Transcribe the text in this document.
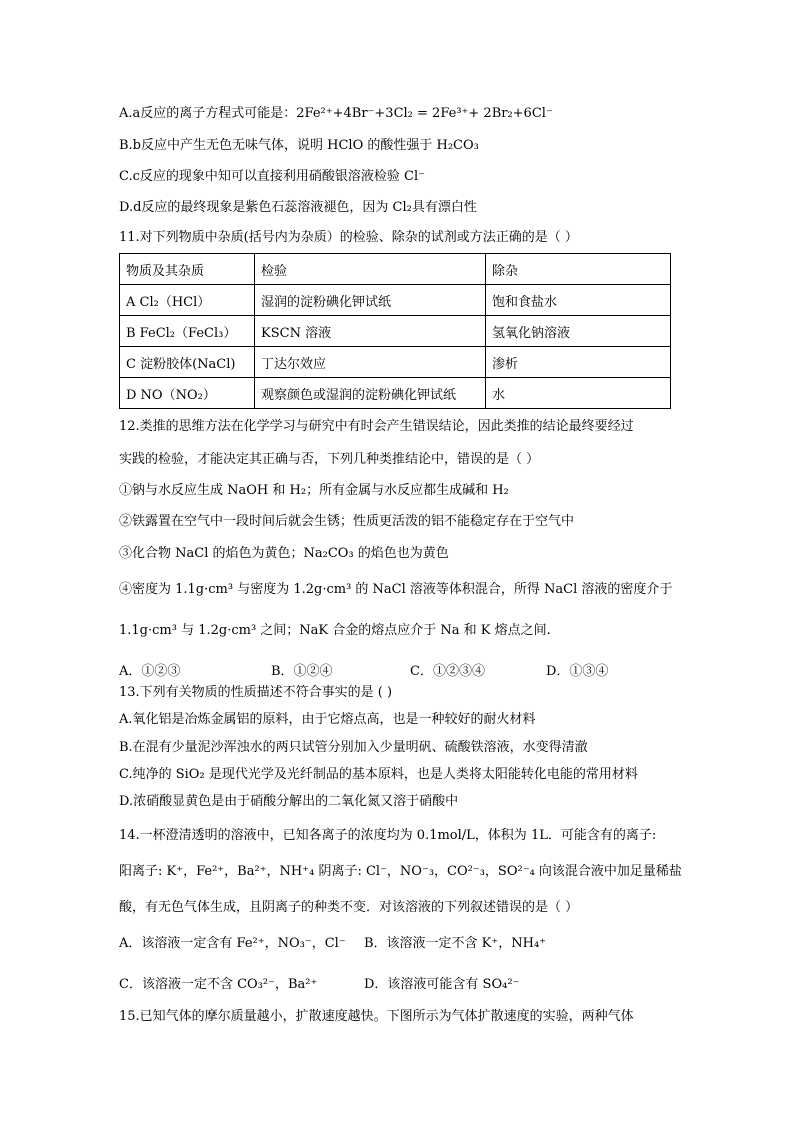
A.a反应的离子方程式可能是：2Fe²⁺+4Br⁻+3Cl₂ = 2Fe³⁺+ 2Br₂+6Cl⁻
B.b反应中产生无色无味气体，说明 HClO 的酸性强于 H₂CO₃
C.c反应的现象中知可以直接利用硝酸银溶液检验 Cl⁻
D.d反应的最终现象是紫色石蕊溶液褪色，因为 Cl₂具有漂白性
11.对下列物质中杂质(括号内为杂质）的检验、除杂的试剂或方法正确的是（ ）
物质及其杂质	检验	除杂
A Cl₂（HCl）	湿润的淀粉碘化钾试纸	饱和食盐水
B FeCl₂（FeCl₃）	KSCN 溶液	氢氧化钠溶液
C 淀粉胶体(NaCl)	丁达尔效应	渗析
D NO（NO₂）	观察颜色或湿润的淀粉碘化钾试纸	水
12.类推的思维方法在化学学习与研究中有时会产生错误结论，因此类推的结论最终要经过
实践的检验，才能决定其正确与否，下列几种类推结论中，错误的是（ ）
①钠与水反应生成 NaOH 和 H₂；所有金属与水反应都生成碱和 H₂
②铁露置在空气中一段时间后就会生锈；性质更活泼的铝不能稳定存在于空气中
③化合物 NaCl 的焰色为黄色；Na₂CO₃ 的焰色也为黄色
④密度为 1.1g·cm³ 与密度为 1.2g·cm³ 的 NaCl 溶液等体积混合，所得 NaCl 溶液的密度介于
1.1g·cm³ 与 1.2g·cm³ 之间；NaK 合金的熔点应介于 Na 和 K 熔点之间.
A．①②③	B．①②④	C．①②③④	D．①③④
13.下列有关物质的性质描述不符合事实的是 ( )
A.氧化铝是冶炼金属铝的原料，由于它熔点高，也是一种较好的耐火材料
B.在混有少量泥沙浑浊水的两只试管分别加入少量明矾、硫酸铁溶液，水变得清澈
C.纯净的 SiO₂ 是现代光学及光纤制品的基本原料，也是人类将太阳能转化电能的常用材料
D.浓硝酸显黄色是由于硝酸分解出的二氧化氮又溶于硝酸中
14.一杯澄清透明的溶液中，已知各离子的浓度均为 0.1mol/L，体积为 1L．可能含有的离子:
阳离子: K⁺，Fe²⁺，Ba²⁺，NH⁺₄ 阴离子: Cl⁻，NO⁻₃，CO²⁻₃，SO²⁻₄ 向该混合液中加足量稀盐
酸，有无色气体生成，且阴离子的种类不变．对该溶液的下列叙述错误的是（ ）
A．该溶液一定含有 Fe²⁺，NO₃⁻，Cl⁻ B．该溶液一定不含 K⁺，NH₄⁺
C．该溶液一定不含 CO₃²⁻，Ba²⁺	D．该溶液可能含有 SO₄²⁻
15.已知气体的摩尔质量越小，扩散速度越快。下图所示为气体扩散速度的实验，两种气体
